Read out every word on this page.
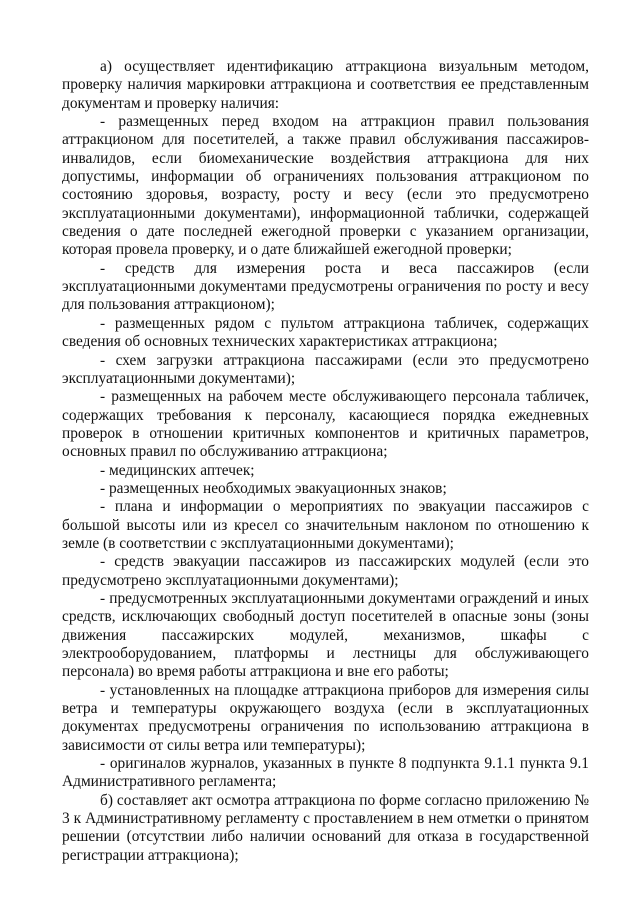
а) осуществляет идентификацию аттракциона визуальным методом, проверку наличия маркировки аттракциона и соответствия ее представленным документам и проверку наличия:

- размещенных перед входом на аттракцион правил пользования аттракционом для посетителей, а также правил обслуживания пассажиров-инвалидов, если биомеханические воздействия аттракциона для них допустимы, информации об ограничениях пользования аттракционом по состоянию здоровья, возрасту, росту и весу (если это предусмотрено эксплуатационными документами), информационной таблички, содержащей сведения о дате последней ежегодной проверки с указанием организации, которая провела проверку, и о дате ближайшей ежегодной проверки;

- средств для измерения роста и веса пассажиров (если эксплуатационными документами предусмотрены ограничения по росту и весу для пользования аттракционом);

- размещенных рядом с пультом аттракциона табличек, содержащих сведения об основных технических характеристиках аттракциона;

- схем загрузки аттракциона пассажирами (если это предусмотрено эксплуатационными документами);

- размещенных на рабочем месте обслуживающего персонала табличек, содержащих требования к персоналу, касающиеся порядка ежедневных проверок в отношении критичных компонентов и критичных параметров, основных правил по обслуживанию аттракциона;

- медицинских аптечек;

- размещенных необходимых эвакуационных знаков;

- плана и информации о мероприятиях по эвакуации пассажиров с большой высоты или из кресел со значительным наклоном по отношению к земле (в соответствии с эксплуатационными документами);

- средств эвакуации пассажиров из пассажирских модулей (если это предусмотрено эксплуатационными документами);

- предусмотренных эксплуатационными документами ограждений и иных средств, исключающих свободный доступ посетителей в опасные зоны (зоны движения пассажирских модулей, механизмов, шкафы с электрооборудованием, платформы и лестницы для обслуживающего персонала) во время работы аттракциона и вне его работы;

- установленных на площадке аттракциона приборов для измерения силы ветра и температуры окружающего воздуха (если в эксплуатационных документах предусмотрены ограничения по использованию аттракциона в зависимости от силы ветра или температуры);

- оригиналов журналов, указанных в пункте 8 подпункта 9.1.1 пункта 9.1 Административного регламента;

б) составляет акт осмотра аттракциона по форме согласно приложению № 3 к Административному регламенту с проставлением в нем отметки о принятом решении (отсутствии либо наличии оснований для отказа в государственной регистрации аттракциона);
